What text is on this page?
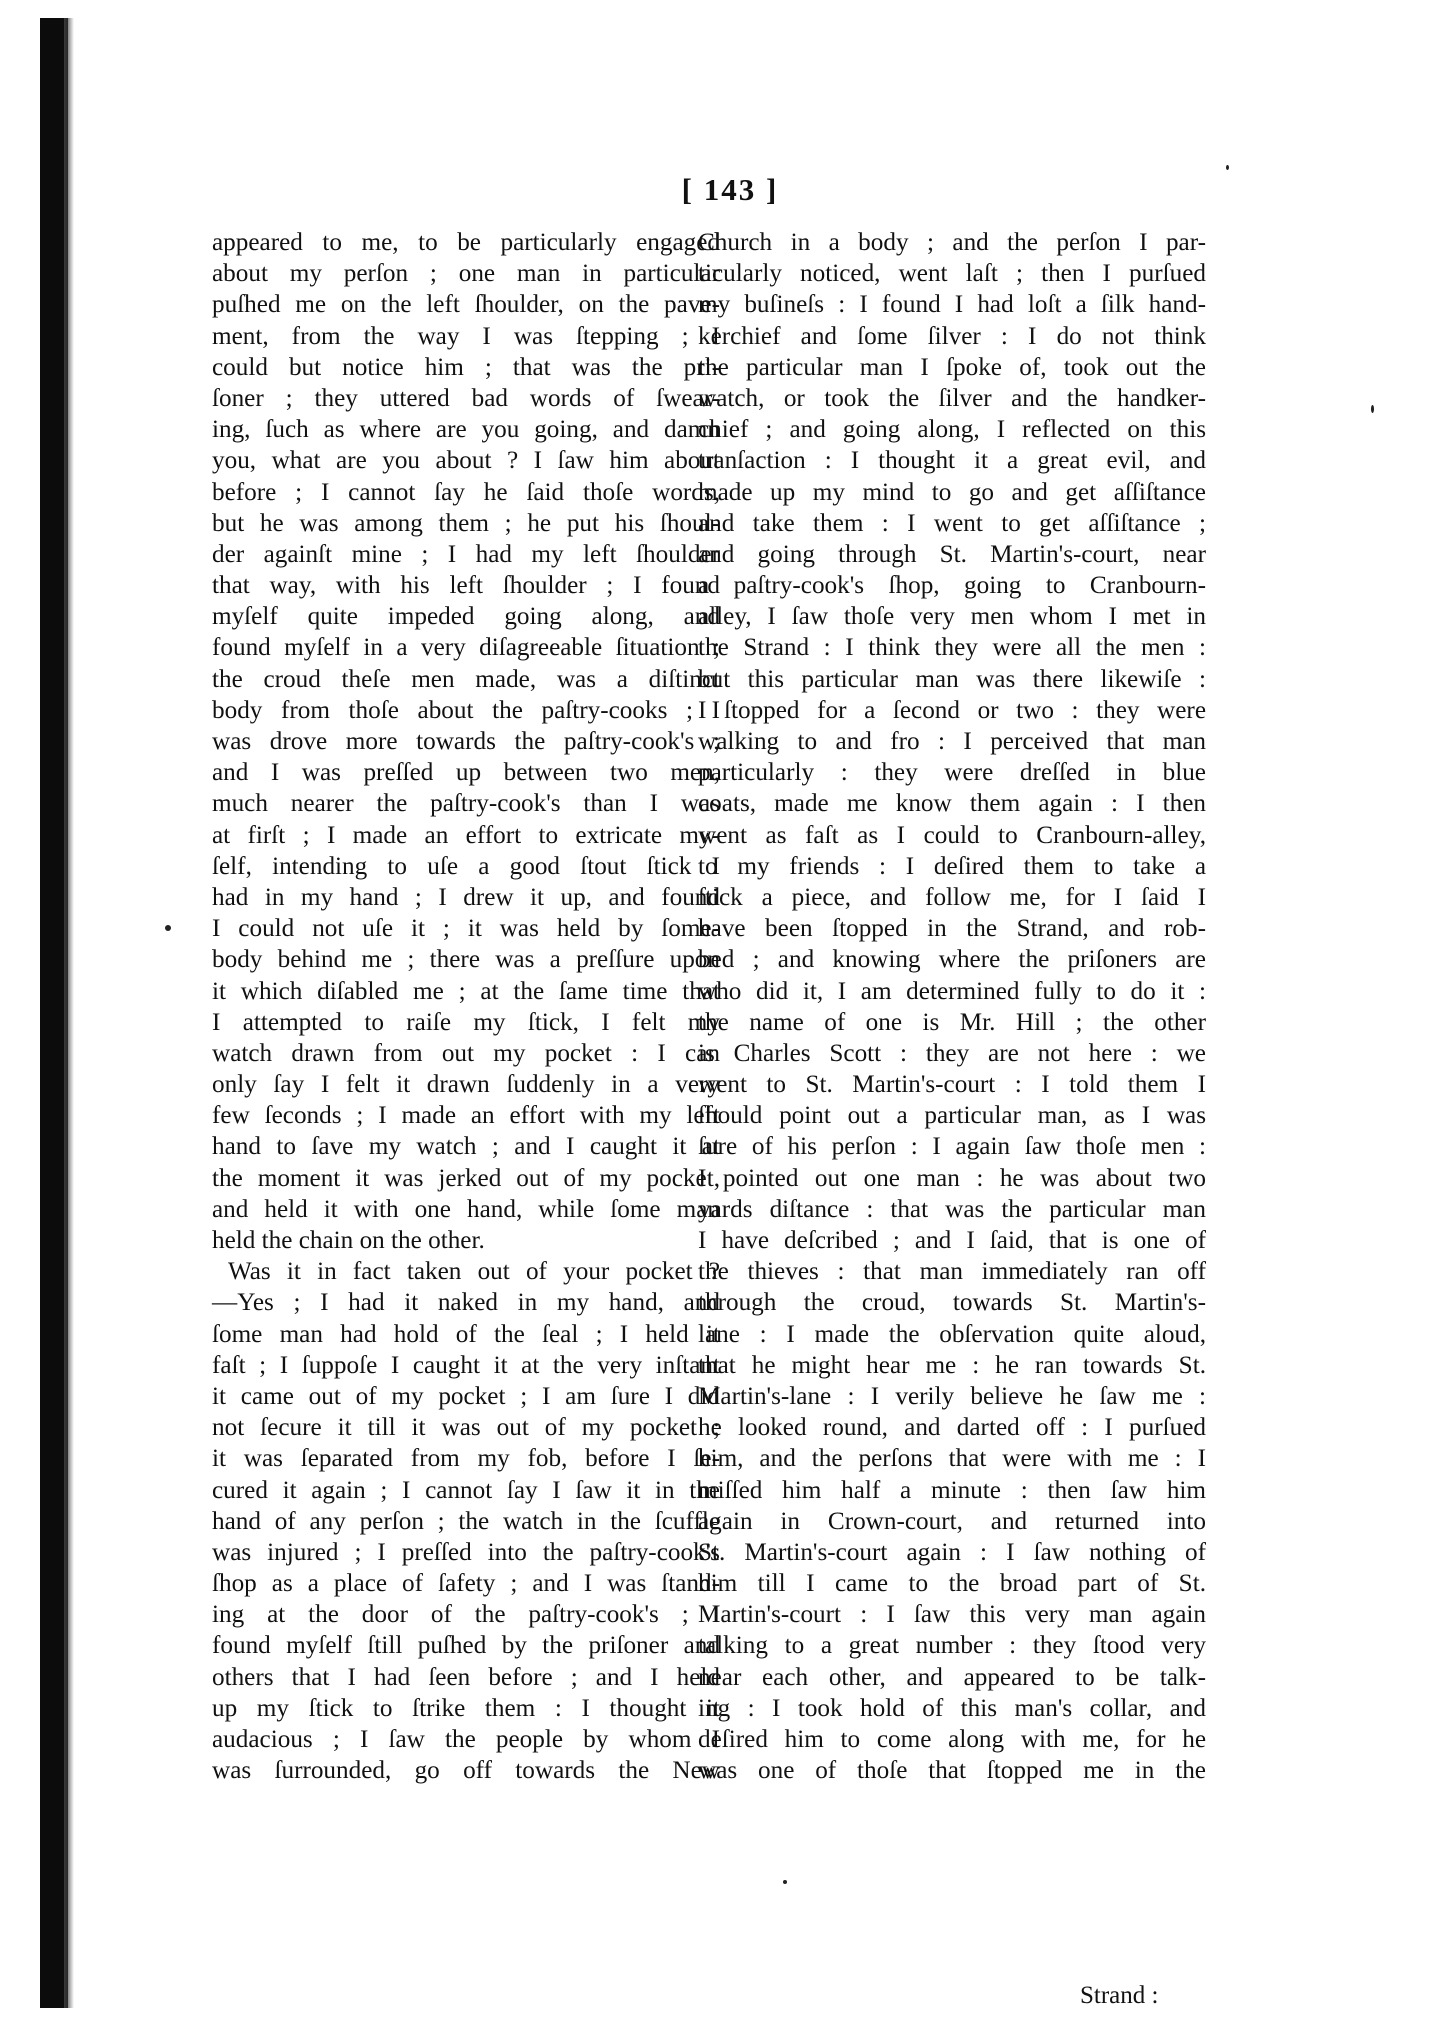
[ 143 ]
appeared to me, to be particularly engaged
about my perſon ; one man in particular
puſhed me on the left ſhoulder, on the pave-
ment, from the way I was ſtepping ; I
could but notice him ; that was the pri-
ſoner ; they uttered bad words of ſwear-
ing, ſuch as where are you going, and damn
you, what are you about ? I ſaw him about
before ; I cannot ſay he ſaid thoſe words,
but he was among them ; he put his ſhoul-
der againſt mine ; I had my left ſhoulder
that way, with his left ſhoulder ; I found
myſelf quite impeded going along, and
found myſelf in a very diſagreeable ſituation ;
the croud theſe men made, was a diſtinct
body from thoſe about the paſtry-cooks ; I
was drove more towards the paſtry-cook's ;
and I was preſſed up between two men,
much nearer the paſtry-cook's than I was
at firſt ; I made an effort to extricate my-
ſelf, intending to uſe a good ſtout ſtick I
had in my hand ; I drew it up, and found
I could not uſe it ; it was held by ſome-
body behind me ; there was a preſſure upon
it which diſabled me ; at the ſame time that
I attempted to raiſe my ſtick, I felt my
watch drawn from out my pocket : I can
only ſay I felt it drawn ſuddenly in a very
few ſeconds ; I made an effort with my left
hand to ſave my watch ; and I caught it at
the moment it was jerked out of my pocket,
and held it with one hand, while ſome man
held the chain on the other.
Was it in fact taken out of your pocket ?
—Yes ; I had it naked in my hand, and
ſome man had hold of the ſeal ; I held it
faſt ; I ſuppoſe I caught it at the very inſtant
it came out of my pocket ; I am ſure I did
not ſecure it till it was out of my pocket ;
it was ſeparated from my fob, before I ſe-
cured it again ; I cannot ſay I ſaw it in the
hand of any perſon ; the watch in the ſcuffle
was injured ; I preſſed into the paſtry-cook's
ſhop as a place of ſafety ; and I was ſtand-
ing at the door of the paſtry-cook's ; I
found myſelf ſtill puſhed by the priſoner and
others that I had ſeen before ; and I held
up my ſtick to ſtrike them : I thought it
audacious ; I ſaw the people by whom I
was ſurrounded, go off towards the New
Church in a body ; and the perſon I par-
ticularly noticed, went laſt ; then I purſued
my buſineſs : I found I had loſt a ſilk hand-
kerchief and ſome ſilver : I do not think
the particular man I ſpoke of, took out the
watch, or took the ſilver and the handker-
chief ; and going along, I reflected on this
tranſaction : I thought it a great evil, and
made up my mind to go and get aſſiſtance
and take them : I went to get aſſiſtance ;
and going through St. Martin's-court, near
a paſtry-cook's ſhop, going to Cranbourn-
alley, I ſaw thoſe very men whom I met in
the Strand : I think they were all the men :
but this particular man was there likewiſe :
I ſtopped for a ſecond or two : they were
walking to and fro : I perceived that man
particularly : they were dreſſed in blue
coats, made me know them again : I then
went as faſt as I could to Cranbourn-alley,
to my friends : I deſired them to take a
ſtick a piece, and follow me, for I ſaid I
have been ſtopped in the Strand, and rob-
bed ; and knowing where the priſoners are
who did it, I am determined fully to do it :
the name of one is Mr. Hill ; the other
is Charles Scott : they are not here : we
went to St. Martin's-court : I told them I
ſhould point out a particular man, as I was
ſure of his perſon : I again ſaw thoſe men :
I pointed out one man : he was about two
yards diſtance : that was the particular man
I have deſcribed ; and I ſaid, that is one of
the thieves : that man immediately ran off
through the croud, towards St. Martin's-
lane : I made the obſervation quite aloud,
that he might hear me : he ran towards St.
Martin's-lane : I verily believe he ſaw me :
he looked round, and darted off : I purſued
him, and the perſons that were with me : I
miſſed him half a minute : then ſaw him
again in Crown-court, and returned into
St. Martin's-court again : I ſaw nothing of
him till I came to the broad part of St.
Martin's-court : I ſaw this very man again
talking to a great number : they ſtood very
near each other, and appeared to be talk-
ing : I took hold of this man's collar, and
deſired him to come along with me, for he
was one of thoſe that ſtopped me in the
Strand :
